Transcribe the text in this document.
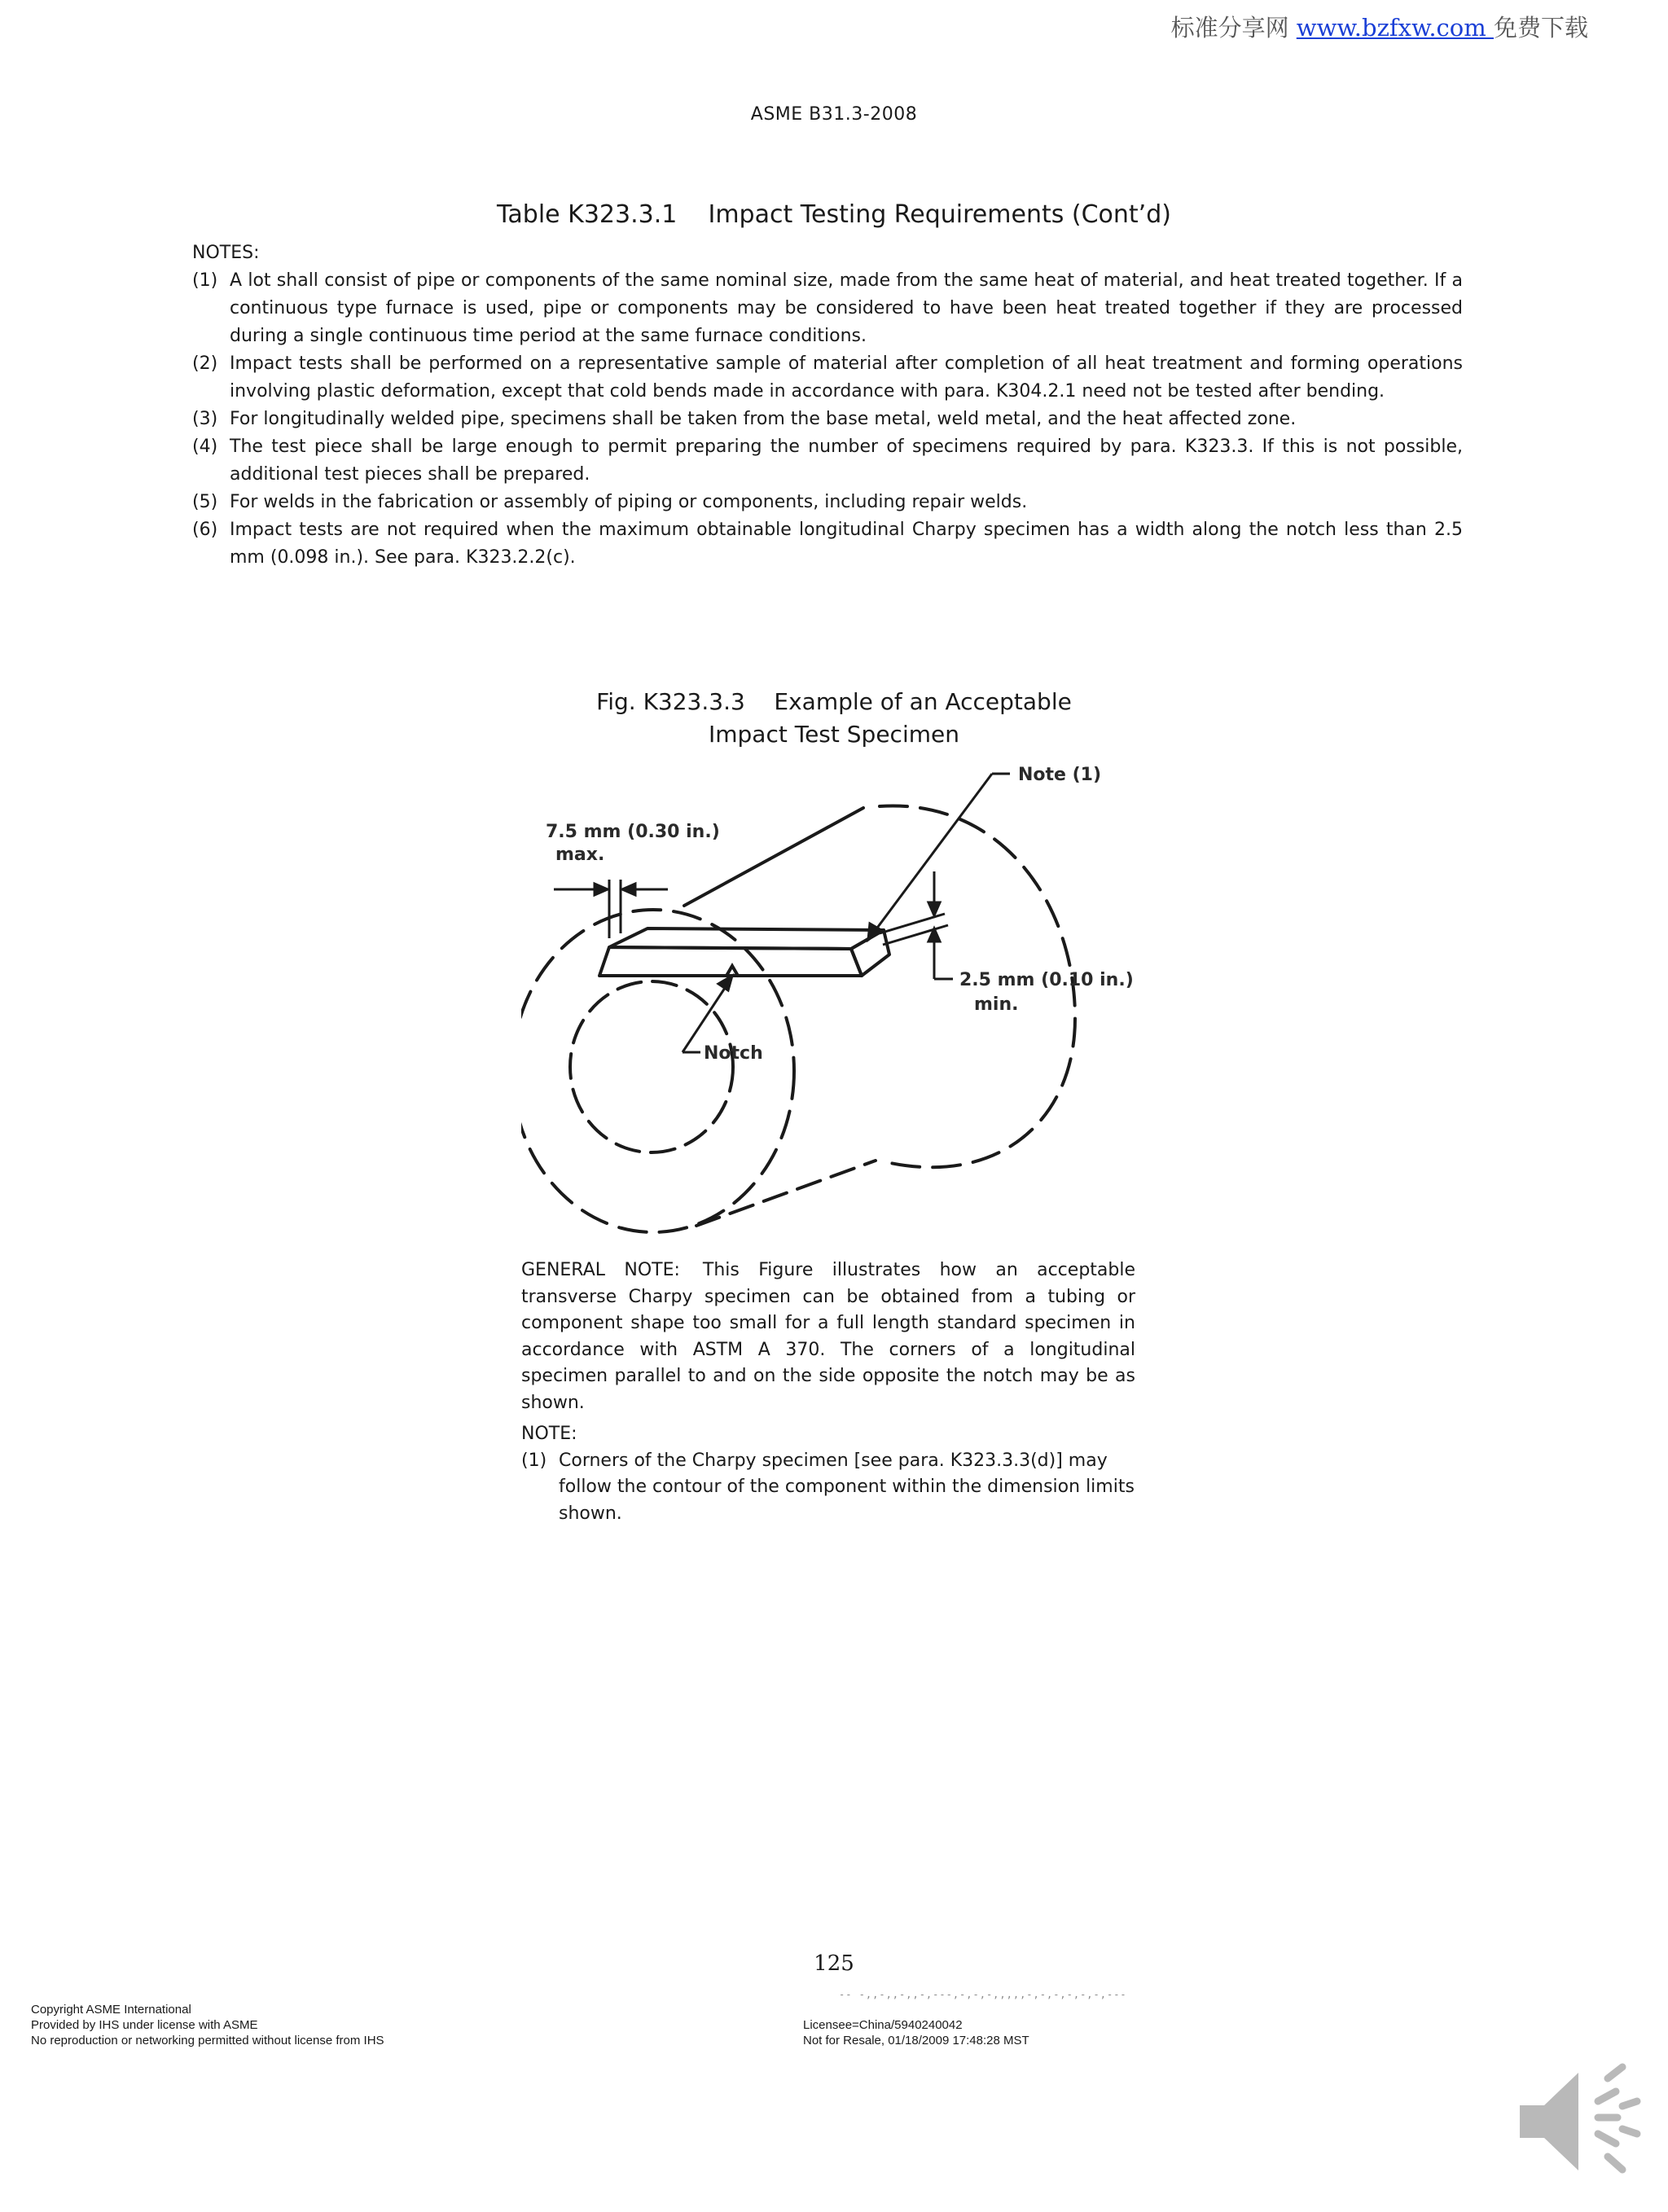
标准分享网 www.bzfxw.com 免费下载
ASME B31.3-2008
Table K323.3.1    Impact Testing Requirements (Cont’d)

NOTES:

(1) A lot shall consist of pipe or components of the same nominal size, made from the same heat of material, and heat treated together. If a continuous type furnace is used, pipe or components may be considered to have been heat treated together if they are processed during a single continuous time period at the same furnace conditions.
(2) Impact tests shall be performed on a representative sample of material after completion of all heat treatment and forming operations involving plastic deformation, except that cold bends made in accordance with para. K304.2.1 need not be tested after bending.
(3) For longitudinally welded pipe, specimens shall be taken from the base metal, weld metal, and the heat affected zone.
(4) The test piece shall be large enough to permit preparing the number of specimens required by para. K323.3. If this is not possible, additional test pieces shall be prepared.
(5) For welds in the fabrication or assembly of piping or components, including repair welds.
(6) Impact tests are not required when the maximum obtainable longitudinal Charpy specimen has a width along the notch less than 2.5 mm (0.098 in.). See para. K323.2.2(c).
Fig. K323.3.3    Example of an Acceptable
Impact Test Specimen
Note (1)
7.5 mm (0.30 in.)
max.
2.5 mm (0.10 in.)
min.
Notch

GENERAL NOTE: This Figure illustrates how an acceptable transverse Charpy specimen can be obtained from a tubing or component shape too small for a full length standard specimen in accordance with ASTM A 370. The corners of a longitudinal specimen parallel to and on the side opposite the notch may be as shown.

NOTE:

(1) Corners of the Charpy specimen [see para. K323.3.3(d)] may follow the contour of the component within the dimension limits shown.
125
-- -,,-,,-,,-,---,-,-,-,,,,,-,-,-,-,-,-,---
Copyright ASME International
Provided by IHS under license with ASME
No reproduction or networking permitted without license from IHS
Licensee=China/5940240042
Not for Resale, 01/18/2009 17:48:28 MST
